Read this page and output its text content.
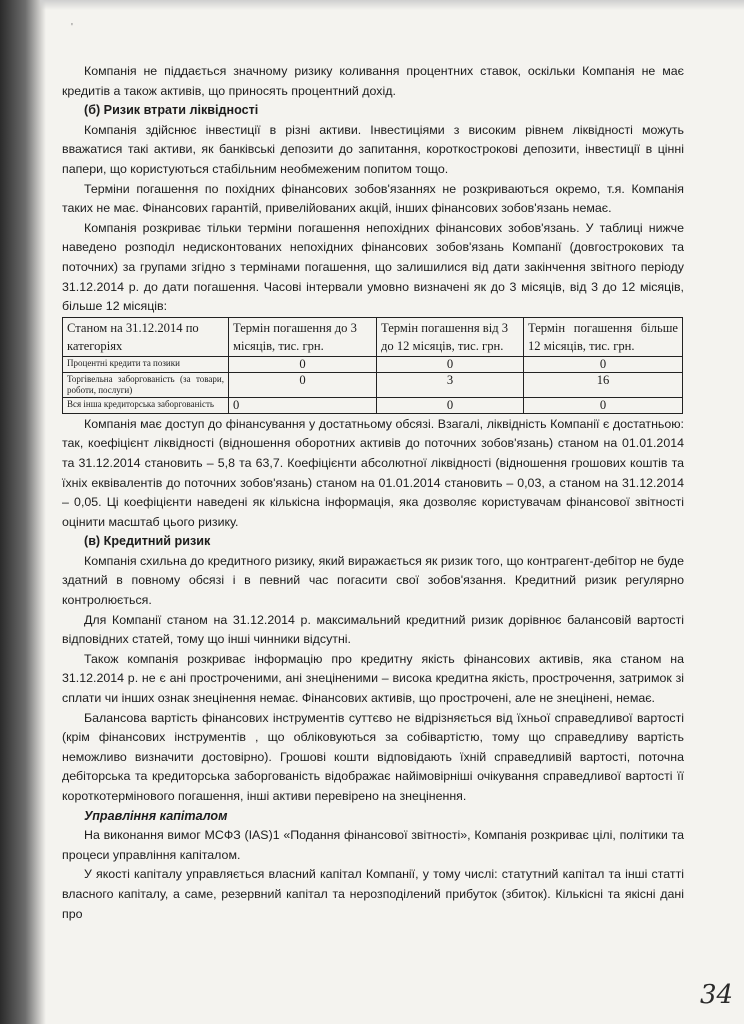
'

Компанія не піддається значному ризику коливання процентних ставок, оскільки Компанія не має кредитів а також активів, що приносять процентний дохід.

(б) Ризик втрати ліквідності

Компанія здійснює інвестиції в різні активи. Інвестиціями з високим рівнем ліквідності можуть вважатися такі активи, як банківські депозити до запитання, короткострокові депозити, інвестиції в цінні папери, що користуються стабільним необмеженим попитом тощо.

Терміни погашення по похідних фінансових зобов'язаннях не розкриваються окремо, т.я. Компанія таких не має. Фінансових гарантій, привелійованих акцій, інших фінансових зобов'язань немає.

Компанія розкриває тільки терміни погашення непохідних фінансових зобов'язань. У таблиці нижче наведено розподіл недисконтованих непохідних фінансових зобов'язань Компанії (довгострокових та поточних) за групами згідно з термінами погашення, що залишилися від дати закінчення звітного періоду 31.12.2014 р. до дати погашення. Часові інтервали умовно визначені як до 3 місяців, від 3 до 12 місяців, більше 12 місяців:

Станом на 31.12.2014 по категоріях	Термін погашення до 3 місяців, тис. грн.	Термін погашення від 3 до 12 місяців, тис. грн.	Термін погашення більше 12 місяців, тис. грн.
Процентні кредити та позики	0	0	0
Торгівельна заборгованість (за товари, роботи, послуги)	0	3	16
Вся інша кредиторська заборгованість	0	0	0

Компанія має доступ до фінансування у достатньому обсязі. Взагалі, ліквідність Компанії є достатньою: так, коефіцієнт ліквідності (відношення оборотних активів до поточних зобов'язань) станом на 01.01.2014 та 31.12.2014 становить – 5,8 та 63,7. Коефіцієнти абсолютної ліквідності (відношення грошових коштів та їхніх еквівалентів до поточних зобов'язань) станом на 01.01.2014 становить – 0,03, а станом на 31.12.2014 – 0,05. Ці коефіцієнти наведені як кількісна інформація, яка дозволяє користувачам фінансової звітності оцінити масштаб цього ризику.

(в) Кредитний ризик

Компанія схильна до кредитного ризику, який виражається як ризик того, що контрагент-дебітор не буде здатний в повному обсязі і в певний час погасити свої зобов'язання. Кредитний ризик регулярно контролюється.

Для Компанії станом на 31.12.2014 р. максимальний кредитний ризик дорівнює балансовій вартості відповідних статей, тому що інші чинники відсутні.

Також компанія розкриває інформацію про кредитну якість фінансових активів, яка станом на 31.12.2014 р. не є ані простроченими, ані знеціненими – висока кредитна якість, прострочення, затримок зі сплати чи інших ознак знецінення немає. Фінансових активів, що прострочені, але не знецінені, немає.

Балансова вартість фінансових інструментів суттєво не відрізняється від їхньої справедливої вартості (крім фінансових інструментів , що обліковуються за собівартістю, тому що справедливу вартість неможливо визначити достовірно). Грошові кошти відповідають їхній справедливій вартості, поточна дебіторська та кредиторська заборгованість відображає найімовірніші очікування справедливої вартості її короткотермінового погашення, інші активи перевірено на знецінення.

Управління капіталом

На виконання вимог МСФЗ (IAS)1 «Подання фінансової звітності», Компанія розкриває цілі, політики та процеси управління капіталом.

У якості капіталу управляється власний капітал Компанії, у тому числі: статутний капітал та інші статті власного капіталу, а саме, резервний капітал та нерозподілений прибуток (збиток). Кількісні та якісні дані про

34
